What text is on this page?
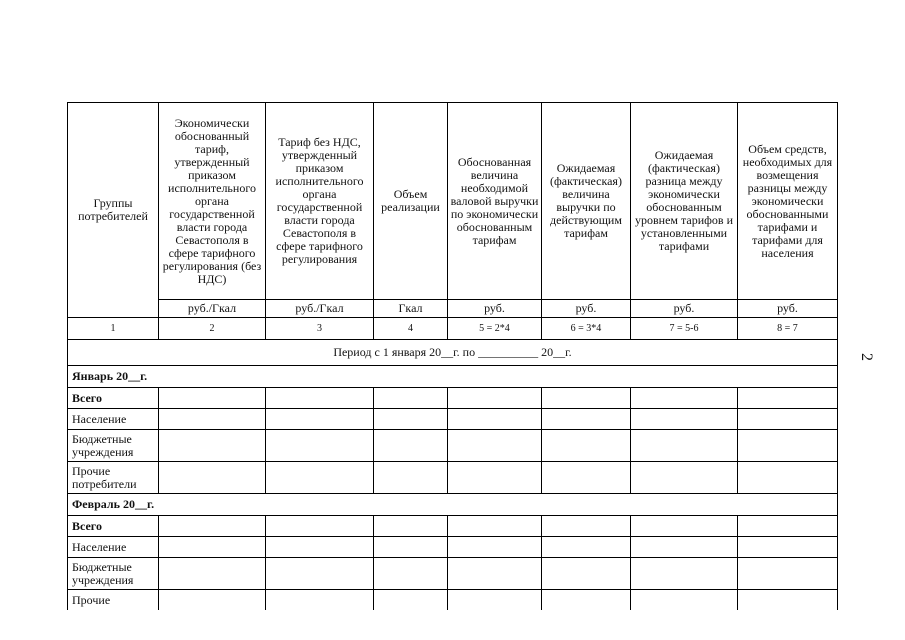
Группы потребителей	Экономически обоснованный тариф, утвержденный приказом исполнительного органа государственной власти города Севастополя в сфере тарифного регулирования (без НДС)	Тариф без НДС, утвержденный приказом исполнительного органа государственной власти города Севастополя в сфере тарифного регулирования	Объем реализации	Обоснованная величина необходимой валовой выручки по экономически обоснованным тарифам	Ожидаемая (фактическая) величина выручки по действующим тарифам	Ожидаемая (фактическая) разница между экономически обоснованным уровнем тарифов и установленными тарифами	Объем средств, необходимых для возмещения разницы между экономически обоснованными тарифами и тарифами для населения
	руб./Гкал	руб./Гкал	Гкал	руб.	руб.	руб.	руб.
1	2	3	4	5 = 2*4	6 = 3*4	7 = 5-6	8 = 7
Период с 1 января 20__г. по __________ 20__г.							
Январь 20__г.							
Всего							
Население							
Бюджетные учреждения							
Прочие потребители							
Февраль 20__г.							
Всего							
Население							
Бюджетные учреждения							
Прочие							
2
